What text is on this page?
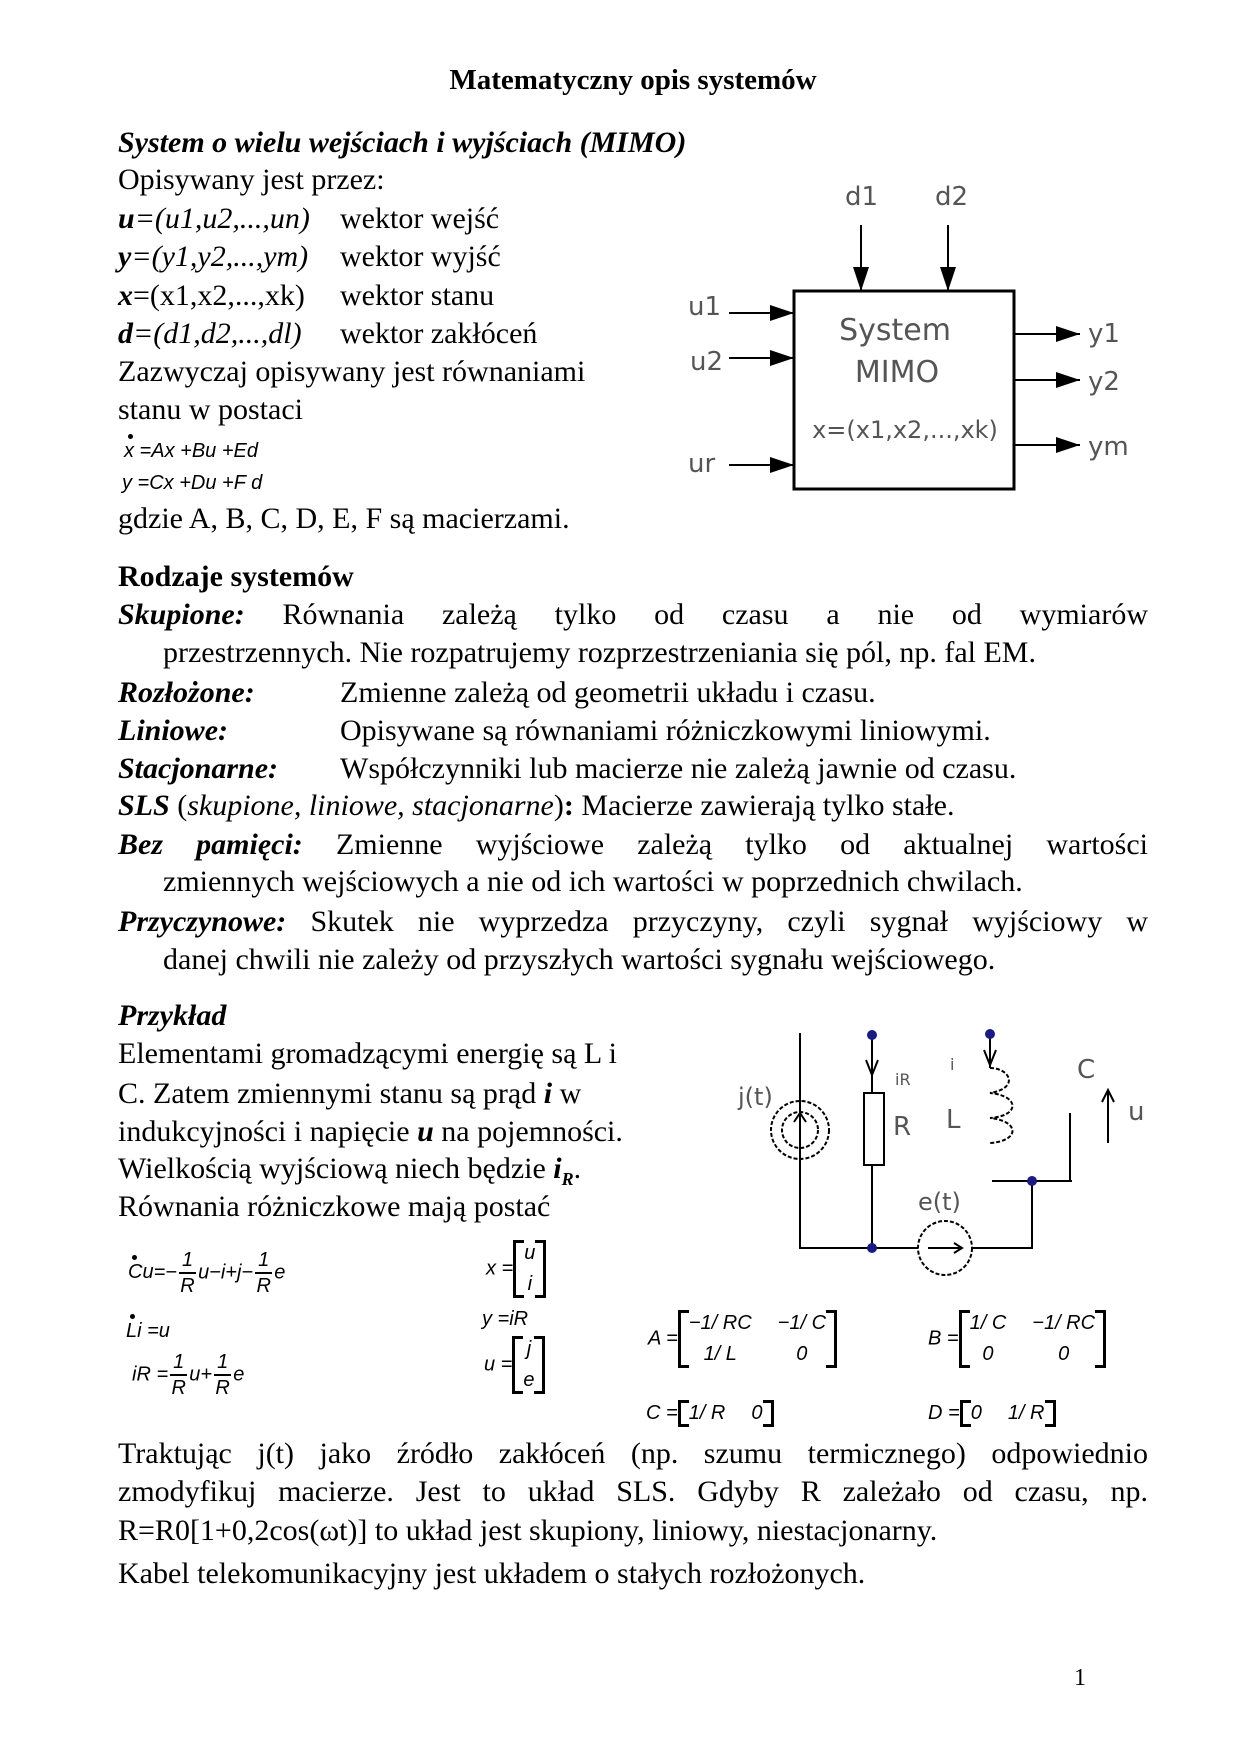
Matematyczny opis systemów
System o wielu wejściach i wyjściach (MIMO)
Opisywany jest przez:
u=(u1,u2,...,un) wektor wejść
y=(y1,y2,...,ym) wektor wyjść
x=(x1,x2,...,xk) wektor stanu
d=(d1,d2,...,dl) wektor zakłóceń
Zazwyczaj opisywany jest równaniami
stanu w postaci
x =Ax +Bu +Ed
y =Cx +Du +F d
gdzie A, B, C, D, E, F są macierzami.
System
MIMO
x=(x1,x2,...,xk)
d1 d2
u1
u2
ur
y1
y2
ym
Rodzaje systemów
Skupione: Równania zależą tylko od czasu a nie od wymiarów
przestrzennych. Nie rozpatrujemy rozprzestrzeniania się pól, np. fal EM.
Rozłożone:	Zmienne zależą od geometrii układu i czasu.
Liniowe:	Opisywane są równaniami różniczkowymi liniowymi.
Stacjonarne: Współczynniki lub macierze nie zależą jawnie od czasu.
SLS (skupione, liniowe, stacjonarne): Macierze zawierają tylko stałe.
Bez pamięci: Zmienne wyjściowe zależą tylko od aktualnej wartości
zmiennych wejściowych a nie od ich wartości w poprzednich chwilach.
Przyczynowe: Skutek nie wyprzedza przyczyny, czyli sygnał wyjściowy w
danej chwili nie zależy od przyszłych wartości sygnału wejściowego.
Przykład
Elementami gromadzącymi energię są L i
C. Zatem zmiennymi stanu są prąd i w
indukcyjności i napięcie u na pojemności.
Wielkością wyjściową niech będzie $i_R$.
Równania różniczkowe mają postać
j(t)
iR
R
i
L
C
u
e(t)
$Cu=- \frac{1}{R} u-i+j- \frac{1}{R}$ e
Li =u
iR = $\frac{1}{R} u+ \frac{1}{R}$ e
x =
u
i
y =iR
u =
j
e
A =
−1/ RC −1/ C
1/ L	0
B =
1/ C −1/ RC
0	0
C = 1/ R 0	D = 0 1/ R
Traktując j(t) jako źródło zakłóceń (np. szumu termicznego) odpowiednio
zmodyfikuj macierze. Jest to układ SLS. Gdyby R zależało od czasu, np.
R=R0[1+0,2cos(ωt)] to układ jest skupiony, liniowy, niestacjonarny.
Kabel telekomunikacyjny jest układem o stałych rozłożonych.
1
